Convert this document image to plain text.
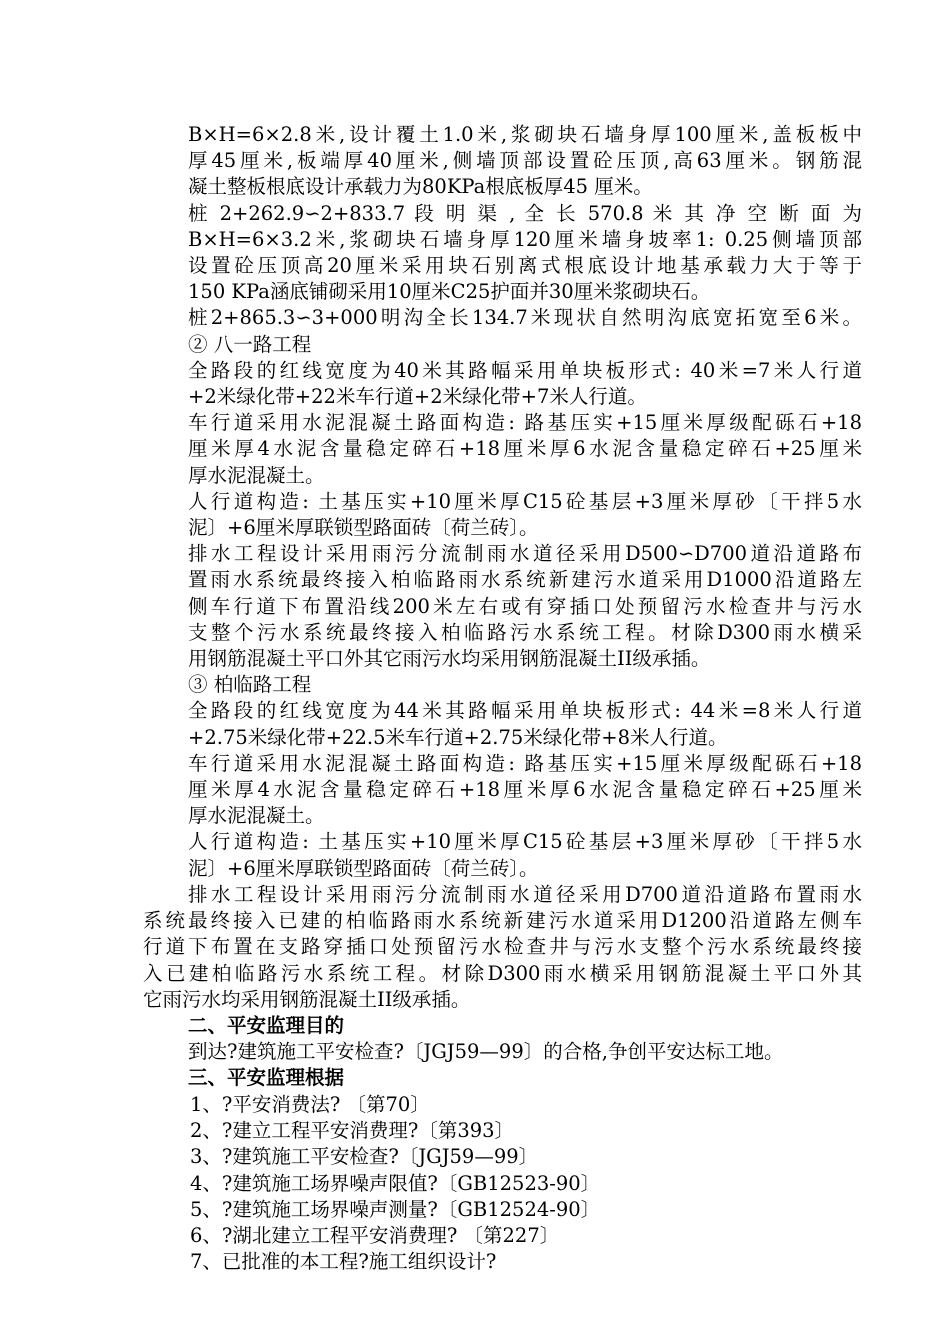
B×H=6×2.8米,设计覆土1.0米,浆砌块石墙身厚100厘米,盖板板中
厚45厘米,板端厚40厘米,侧墙顶部设置砼压顶,高63厘米。钢筋混
凝土整板根底设计承载力为80KPa根底板厚45 厘米。
桩 2+262.9∽2+833.7 段 明 渠 , 全 长 570.8 米 其 净 空 断 面 为
B×H=6×3.2米,浆砌块石墙身厚120厘米墙身坡率1: 0.25侧墙顶部
设置砼压顶高20厘米采用块石别离式根底设计地基承载力大于等于
150 KPa涵底铺砌采用10厘米C25护面并30厘米浆砌块石。
桩2+865.3∽3+000明沟全长134.7米现状自然明沟底宽拓宽至6米。
② 八一路工程
全路段的红线宽度为40米其路幅采用单块板形式: 40米=7米人行道
+2米绿化带+22米车行道+2米绿化带+7米人行道。
车行道采用水泥混凝土路面构造: 路基压实+15厘米厚级配砾石+18
厘米厚4水泥含量稳定碎石+18厘米厚6水泥含量稳定碎石+25厘米
厚水泥混凝土。
人行道构造: 土基压实+10厘米厚C15砼基层+3厘米厚砂〔干拌5水
泥〕+6厘米厚联锁型路面砖〔荷兰砖〕。
排水工程设计采用雨污分流制雨水道径采用D500∽D700道沿道路布
置雨水系统最终接入柏临路雨水系统新建污水道采用D1000沿道路左
侧车行道下布置沿线200米左右或有穿插口处预留污水检查井与污水
支整个污水系统最终接入柏临路污水系统工程。材除D300雨水横采
用钢筋混凝土平口外其它雨污水均采用钢筋混凝土II级承插。
③ 柏临路工程
全路段的红线宽度为44米其路幅采用单块板形式: 44米=8米人行道
+2.75米绿化带+22.5米车行道+2.75米绿化带+8米人行道。
车行道采用水泥混凝土路面构造: 路基压实+15厘米厚级配砾石+18
厘米厚4水泥含量稳定碎石+18厘米厚6水泥含量稳定碎石+25厘米
厚水泥混凝土。
人行道构造: 土基压实+10厘米厚C15砼基层+3厘米厚砂〔干拌5水
泥〕+6厘米厚联锁型路面砖〔荷兰砖〕。
排水工程设计采用雨污分流制雨水道径采用D700道沿道路布置雨水
系统最终接入已建的柏临路雨水系统新建污水道采用D1200沿道路左侧车
行道下布置在支路穿插口处预留污水检查井与污水支整个污水系统最终接
入已建柏临路污水系统工程。材除D300雨水横采用钢筋混凝土平口外其
它雨污水均采用钢筋混凝土II级承插。
二、平安监理目的
到达?建筑施工平安检查?〔JGJ59—99〕的合格,争创平安达标工地。
三、平安监理根据
1、?平安消费法? 〔第70〕
2、?建立工程平安消费理?〔第393〕
3、?建筑施工平安检查?〔JGJ59—99〕
4、?建筑施工场界噪声限值?〔GB12523-90〕
5、?建筑施工场界噪声测量?〔GB12524-90〕
6、?湖北建立工程平安消费理? 〔第227〕
7、已批准的本工程?施工组织设计?
